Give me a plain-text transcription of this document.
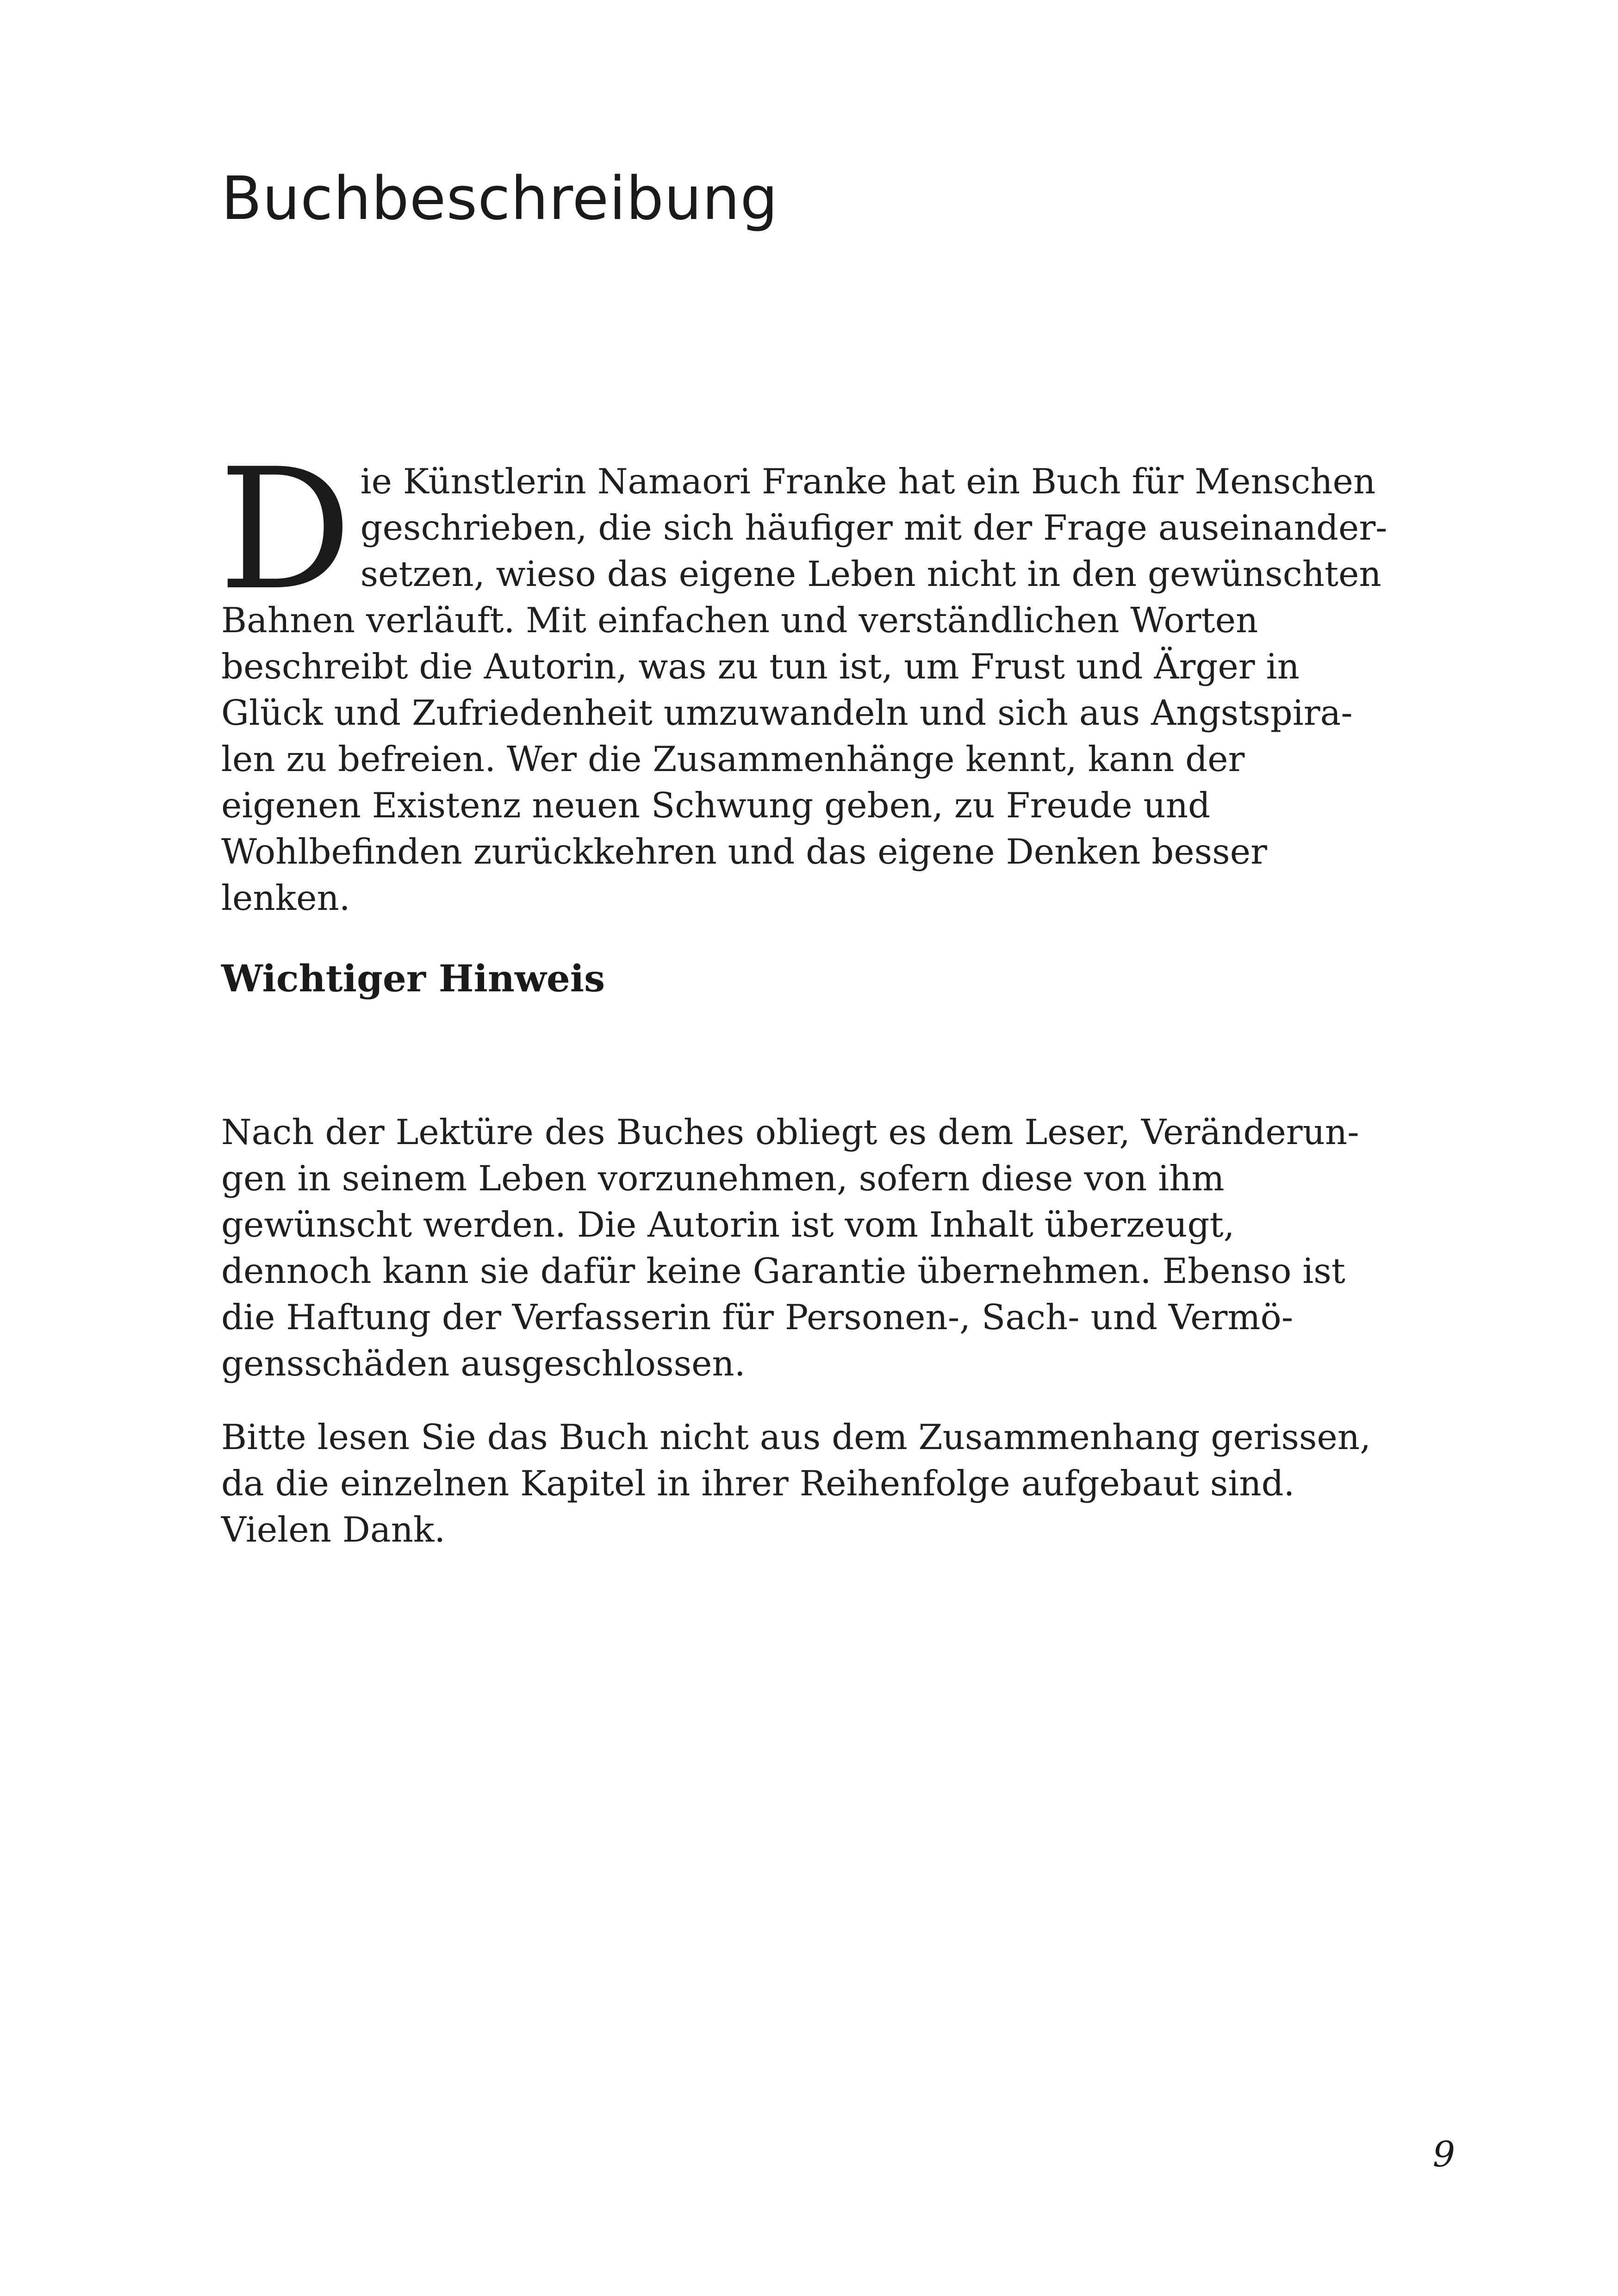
Buchbeschreibung

Die Künstlerin Namaori Franke hat ein Buch für Menschen geschrieben, die sich häufiger mit der Frage auseinandersetzen, wieso das eigene Leben nicht in den gewünschten Bahnen verläuft. Mit einfachen und verständlichen Worten beschreibt die Autorin, was zu tun ist, um Frust und Ärger in Glück und Zufriedenheit umzuwandeln und sich aus Angstspiralen zu befreien. Wer die Zusammenhänge kennt, kann der eigenen Existenz neuen Schwung geben, zu Freude und Wohlbefinden zurückkehren und das eigene Denken besser lenken.

Wichtiger Hinweis

Nach der Lektüre des Buches obliegt es dem Leser, Veränderungen in seinem Leben vorzunehmen, sofern diese von ihm gewünscht werden. Die Autorin ist vom Inhalt überzeugt, dennoch kann sie dafür keine Garantie übernehmen. Ebenso ist die Haftung der Verfasserin für Personen-, Sach- und Vermögensschäden ausgeschlossen.

Bitte lesen Sie das Buch nicht aus dem Zusammenhang gerissen, da die einzelnen Kapitel in ihrer Reihenfolge aufgebaut sind. Vielen Dank.

9
